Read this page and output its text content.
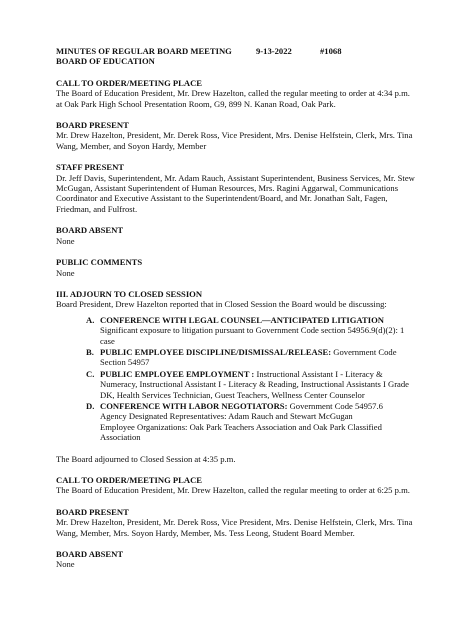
MINUTES OF REGULAR BOARD MEETING	9-13-2022	#1068
BOARD OF EDUCATION
CALL TO ORDER/MEETING PLACE

The Board of Education President, Mr. Drew Hazelton, called the regular meeting to order at 4:34 p.m. at Oak Park High School Presentation Room, G9, 899 N. Kanan Road, Oak Park.

BOARD PRESENT

Mr. Drew Hazelton, President, Mr. Derek Ross, Vice President, Mrs. Denise Helfstein, Clerk, Mrs. Tina Wang, Member, and Soyon Hardy, Member

STAFF PRESENT

Dr. Jeff Davis, Superintendent, Mr. Adam Rauch, Assistant Superintendent, Business Services, Mr. Stew McGugan, Assistant Superintendent of Human Resources, Mrs. Ragini Aggarwal, Communications Coordinator and Executive Assistant to the Superintendent/Board, and Mr. Jonathan Salt, Fagen, Friedman, and Fulfrost.

BOARD ABSENT

None

PUBLIC COMMENTS

None

III. ADJOURN TO CLOSED SESSION

Board President, Drew Hazelton reported that in Closed Session the Board would be discussing:

A. CONFERENCE WITH LEGAL COUNSEL—ANTICIPATED LITIGATION
Significant exposure to litigation pursuant to Government Code section 54956.9(d)(2): 1 case
B. PUBLIC EMPLOYEE DISCIPLINE/DISMISSAL/RELEASE: Government Code Section 54957
C. PUBLIC EMPLOYEE EMPLOYMENT : Instructional Assistant I - Literacy & Numeracy, Instructional Assistant I - Literacy & Reading, Instructional Assistants I Grade DK, Health Services Technician, Guest Teachers, Wellness Center Counselor
D. CONFERENCE WITH LABOR NEGOTIATORS: Government Code 54957.6
Agency Designated Representatives: Adam Rauch and Stewart McGugan
Employee Organizations: Oak Park Teachers Association and Oak Park Classified Association

The Board adjourned to Closed Session at 4:35 p.m.

CALL TO ORDER/MEETING PLACE

The Board of Education President, Mr. Drew Hazelton, called the regular meeting to order at 6:25 p.m.

BOARD PRESENT

Mr. Drew Hazelton, President, Mr. Derek Ross, Vice President, Mrs. Denise Helfstein, Clerk, Mrs. Tina Wang, Member, Mrs. Soyon Hardy, Member, Ms. Tess Leong, Student Board Member.

BOARD ABSENT

None
